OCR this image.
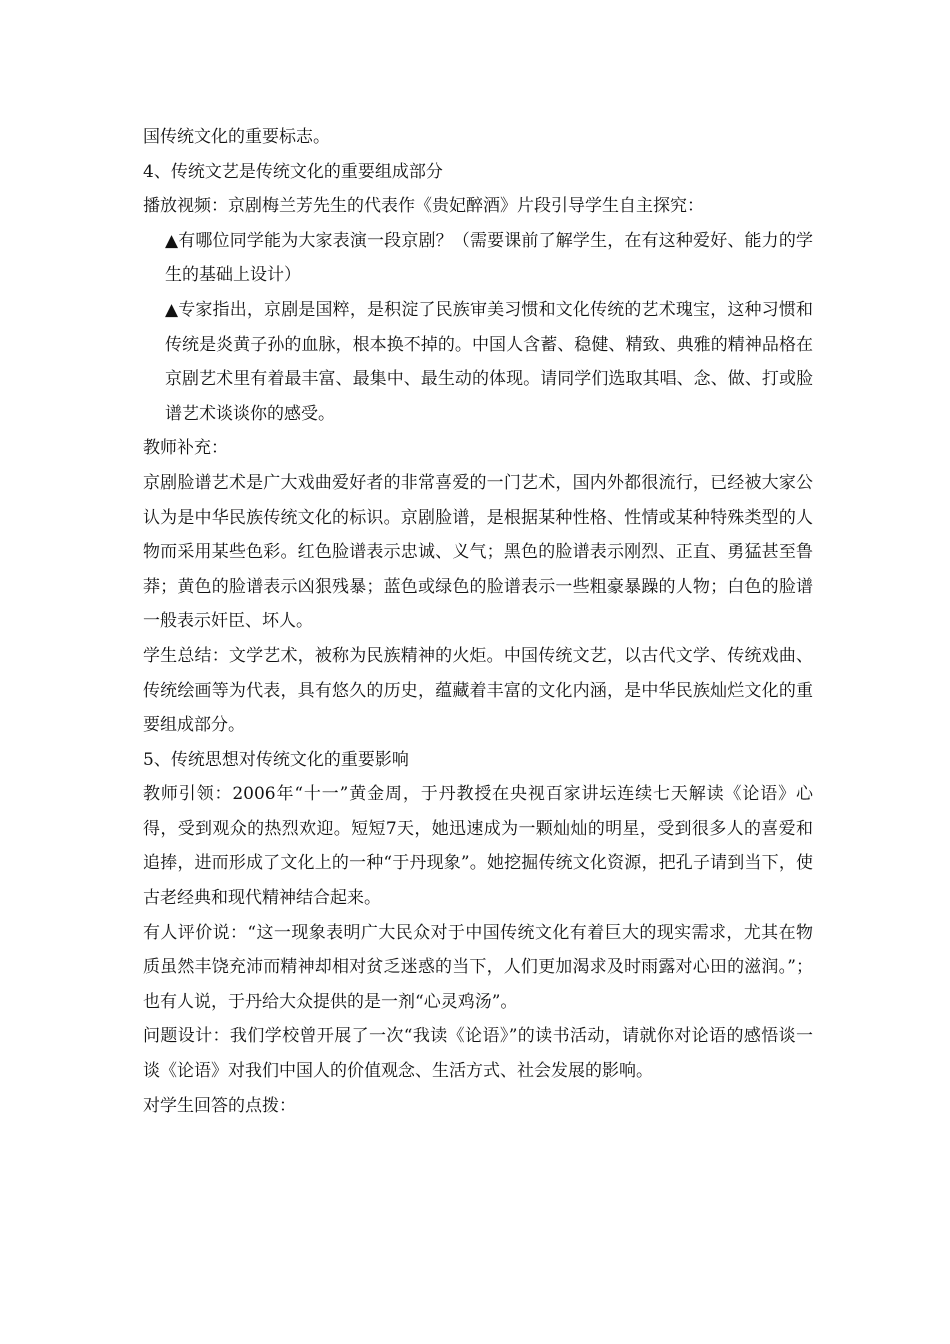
国传统文化的重要标志。

4、传统文艺是传统文化的重要组成部分

播放视频：京剧梅兰芳先生的代表作《贵妃醉酒》片段引导学生自主探究：

▲有哪位同学能为大家表演一段京剧？（需要课前了解学生，在有这种爱好、能力的学生的基础上设计）

▲专家指出，京剧是国粹，是积淀了民族审美习惯和文化传统的艺术瑰宝，这种习惯和传统是炎黄子孙的血脉，根本换不掉的。中国人含蓄、稳健、精致、典雅的精神品格在京剧艺术里有着最丰富、最集中、最生动的体现。请同学们选取其唱、念、做、打或脸谱艺术谈谈你的感受。

教师补充：

京剧脸谱艺术是广大戏曲爱好者的非常喜爱的一门艺术，国内外都很流行，已经被大家公认为是中华民族传统文化的标识。京剧脸谱，是根据某种性格、性情或某种特殊类型的人物而采用某些色彩。红色脸谱表示忠诚、义气；黑色的脸谱表示刚烈、正直、勇猛甚至鲁莽；黄色的脸谱表示凶狠残暴；蓝色或绿色的脸谱表示一些粗豪暴躁的人物；白色的脸谱一般表示奸臣、坏人。

学生总结：文学艺术，被称为民族精神的火炬。中国传统文艺，以古代文学、传统戏曲、传统绘画等为代表，具有悠久的历史，蕴藏着丰富的文化内涵，是中华民族灿烂文化的重要组成部分。

5、传统思想对传统文化的重要影响

教师引领：2006年“十一”黄金周，于丹教授在央视百家讲坛连续七天解读《论语》心得，受到观众的热烈欢迎。短短7天，她迅速成为一颗灿灿的明星，受到很多人的喜爱和追捧，进而形成了文化上的一种“于丹现象”。她挖掘传统文化资源，把孔子请到当下，使古老经典和现代精神结合起来。

有人评价说：“这一现象表明广大民众对于中国传统文化有着巨大的现实需求，尤其在物质虽然丰饶充沛而精神却相对贫乏迷惑的当下，人们更加渴求及时雨露对心田的滋润。”；也有人说，于丹给大众提供的是一剂“心灵鸡汤”。

问题设计：我们学校曾开展了一次“我读《论语》”的读书活动，请就你对论语的感悟谈一谈《论语》对我们中国人的价值观念、生活方式、社会发展的影响。

对学生回答的点拨：
